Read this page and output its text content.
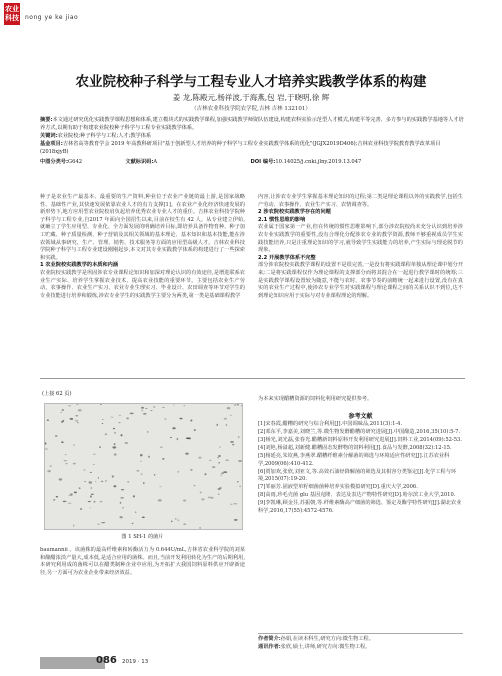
农业
科技 nong ye ke jiao
农业院校种子科学与工程专业人才培养实践教学体系的构建
姜 龙,陈殿元,杨祥波,于海燕,包 岩,于晓明,徐 辉
（吉林农业科技学院农学院,吉林 吉林 132101）
摘要:本文通过研究优化实践教学课程思想和体系,建立模块式的实践教学课程,加强实践教学师资队伍建设,构建农科实验示范型人才模式,构建平等完善、多方参与的实践教学基地等人才培养方式,以期有助于构建农业院校种子科学与工程专业实践教学体系。
关键词:农业院校;种子科学与工程;人才;教学体系
基金项目:吉林省高等教育学会 2019 年高教科研项目"基于创新型人才培养的种子科学与工程专业实践教学体系的优化"(JGJX2019D406);吉林农业科技学院教育教学改革项目(2018xjyB)
中图分类号:G642	文献标识码:A	DOI 编号:10.14025/j.cnki.jlny.2019.13.047
种子是农业生产最基本、最重要的生产资料,种业位于农业产业链的最上游,是国家战略性、基础性产业,其快速发展依靠农业人才的有力支撑[1]。在农业产业化经济快速发展的新形势下,地方应用型农业院校肩负起培养优秀农业专业人才的重任。吉林农业科技学院种子科学与工程专业,自2017 年面向全国招生以来,目前在校生有 42 人。从专业建立伊始,就确立了学生应用型、专业化、全方面发展的明确培养目标,即培养具备作物育种、种子加工贮藏、种子质量检测、种子营销及其相关领域的基本理论、基本知识和基本技能,能在涉农领域从事研究、生产、管理、销售、技术服务等方面的应用型高级人才。吉林农业科技学院种子科学与工程专业建设刚刚起步,本文对其专业实践教学体系的构建进行了一些探索和实践。
1 农业院校实践教学的本质和内涵
农业院校实践教学是巩固涉农专业课程论知识和加深对理论认识的有效途径,是增进联系农业生产实际、培养学生掌握农业技术、提高农业技能的重要环节。主要包括农业生产劳动、农事操作、农业生产实习、农业专业生理实习、毕业设计、农田调查等环节对学生的专业技能进行培养和锻炼,涉农专业学生的实践教学主要分为两类,第一类是基础课程教学
内容,让涉农专业学生掌握基本理论知识的过程;第二类是理论课程以外的实践教学,包括生产劳动、农事操作、农业生产实习、农情调查等。
2 涉农院校实践教学存在的问题
2.1 惯性思维的影响
农业属于国家第一产业,但在传统的惯性思维影响下,部分涉农院校尚未充分认识到培养涉农专业实践教学的重要性,没有合理化分配涉农专业的教学资源,教师不够重视成员学生实践技能培养,只是注重理论知识的学习,就导致学生实践能力的培养,产生实际与理论脱节的现象。
2.2 开展教学体系不完整
部分涉农院校实践教学课程的设置不是很完善,一是没有将实践课程单独从理论课中划分开来;二是将实践课程仅作为理论课程的支撑部分而将其混合在一起进行教学课时的统筹;三是实践教学课程设置较为随意,不能与农时、农事节奏的前瞻统一起来进行设置,没有在真实的农业生产过程中,使涉农专业学生对实践课程与理论课程之间的关系认识不到位,达不到理论知识应用于实际与对专业课程理论的理解。
(上接 62 页)
图 1 SH-1 的菌片
baumannii 。该菌株的最高纤维素和转酶活力为 0.644U/mL,吉林省农业科学院的刘某和酿醋浓淡产量大,成本低,是适合应用的菌株。而且,当前开发利用转化为生产的后期利用,本研究利用成的菌株可以在醋类制种企业中应用,为开拓扩大我国饲料原料供应开辟新途径,另一方面可为农业企业带来经济效益。
为本来实现醋糟资源的饲料化利用研究提供参考。
参考文献
[1]宋春霞,醋糟的研究与综合利用[J].中国调味品,2011(3):1-4.
[2]邓东平,李嘉美,刘晓兰,等.微生物发酵醋糟的研究进展[J].中国酿造,2016,35(10):5-7.
[3]杨光,刘光磊,张春光.醋糟新饲料原料开发利用研究进展[J].饲料工业,2014(09):52-53.
[4]刘艳,杨溢超,刘新健.醋糟固态发酵物的饲料利用[J].食品与发酵,2008(32):12-15.
[5]杨延亮,朱钦燕,李燕翠.醋糟纤维素分解菌的筛选与环境适应性研究[J].江苏农业科学,2009(06):410-412.
[6]贾加欢,张欣,刘亚文,等.高效石油烃降解菌的筛选及其相容分类鉴定[J].化学工程与环境,2015(07):19-20.
[7]邹丽芳.固液型单籽细菌菌种培养实验模拟研究[D].重庆大学,2006.
[8]高雨,珍毛壳菌 glu 基因克隆、表达及表达产物特性研究[D].哈尔滨工业大学,2010.
[9]李凯琳,顾金芬,苏振朝,等.纤维素酶高产细菌的筛选、鉴定及酶学特性研究[J].湖北农业科学,2016,17(55):4572-4576.
作者简介:孙娟,在读本科生,研究方向:微生物工程。
通讯作者:张欣,硕士,讲师,研究方向:微生物工程。
086 2019 · 13
